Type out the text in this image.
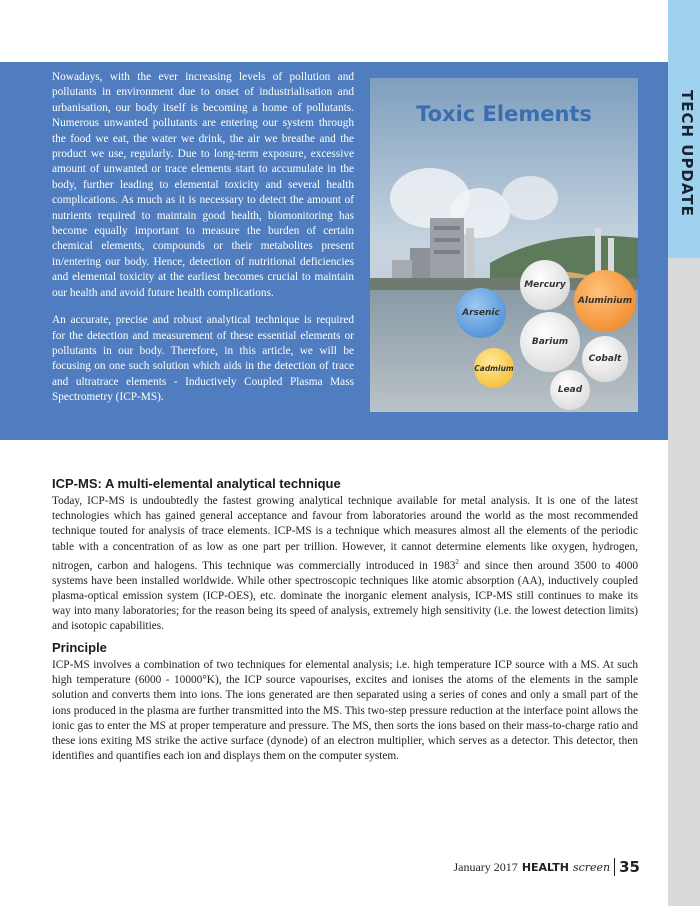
TECH UPDATE

Nowadays, with the ever increasing levels of pollution and pollutants in environment due to onset of industrialisation and urbanisation, our body itself is becoming a home of pollutants. Numerous unwanted pollutants are entering our system through the food we eat, the water we drink, the air we breathe and the product we use, regularly. Due to long-term exposure, excessive amount of unwanted or trace elements start to accumulate in the body, further leading to elemental toxicity and several health complications. As much as it is necessary to detect the amount of nutrients required to maintain good health, biomonitoring has become equally important to measure the burden of certain chemical elements, compounds or their metabolites present in/entering our body. Hence, detection of nutritional deficiencies and elemental toxicity at the earliest becomes crucial to maintain our health and avoid future health complications.

An accurate, precise and robust analytical technique is required for the detection and measurement of these essential elements or pollutants in our body. Therefore, in this article, we will be focusing on one such solution which aids in the detection of trace and ultratrace elements - Inductively Coupled Plasma Mass Spectrometry (ICP-MS).

Toxic Elements
Mercury
Aluminium
Arsenic
Barium
Cobalt
Cadmium
Lead
ICP-MS: A multi-elemental analytical technique

Today, ICP-MS is undoubtedly the fastest growing analytical technique available for metal analysis. It is one of the latest technologies which has gained general acceptance and favour from laboratories around the world as the most recommended technique touted for analysis of trace elements. ICP-MS is a technique which measures almost all the elements of the periodic table with a concentration of as low as one part per trillion. However, it cannot determine elements like oxygen, hydrogen, nitrogen, carbon and halogens. This technique was commercially introduced in 1983$^2$ and since then around 3500 to 4000 systems have been installed worldwide. While other spectroscopic techniques like atomic absorption (AA), inductively coupled plasma-optical emission system (ICP-OES), etc. dominate the inorganic element analysis, ICP-MS still continues to make its way into many laboratories; for the reason being its speed of analysis, extremely high sensitivity (i.e. the lowest detection limits) and isotopic capabilities.

Principle

ICP-MS involves a combination of two techniques for elemental analysis; i.e. high temperature ICP source with a MS. At such high temperature (6000 - 10000°K), the ICP source vapourises, excites and ionises the atoms of the elements in the sample solution and converts them into ions. The ions generated are then separated using a series of cones and only a small part of the ions produced in the plasma are further transmitted into the MS. This two-step pressure reduction at the interface point allows the ionic gas to enter the MS at proper temperature and pressure. The MS, then sorts the ions based on their mass-to-charge ratio and these ions exiting MS strike the active surface (dynode) of an electron multiplier, which serves as a detector. This detector, then identifies and quantifies each ion and displays them on the computer system.

January 2017 HEALTH screen 35
